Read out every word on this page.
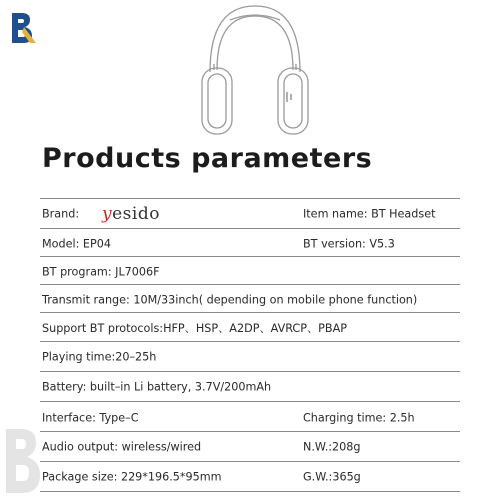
Products parameters
Brand: yesido	Item name: BT Headset
Model: EP04	BT version: V5.3
BT program: JL7006F
Transmit range: 10M/33inch( depending on mobile phone function)
Support BT protocols:HFP、HSP、A2DP、AVRCP、PBAP
Playing time:20–25h
Battery: built–in Li battery, 3.7V/200mAh
Interface: Type–C	Charging time: 2.5h
Audio output: wireless/wired	N.W.:208g
Package size: 229*196.5*95mm	G.W.:365g
